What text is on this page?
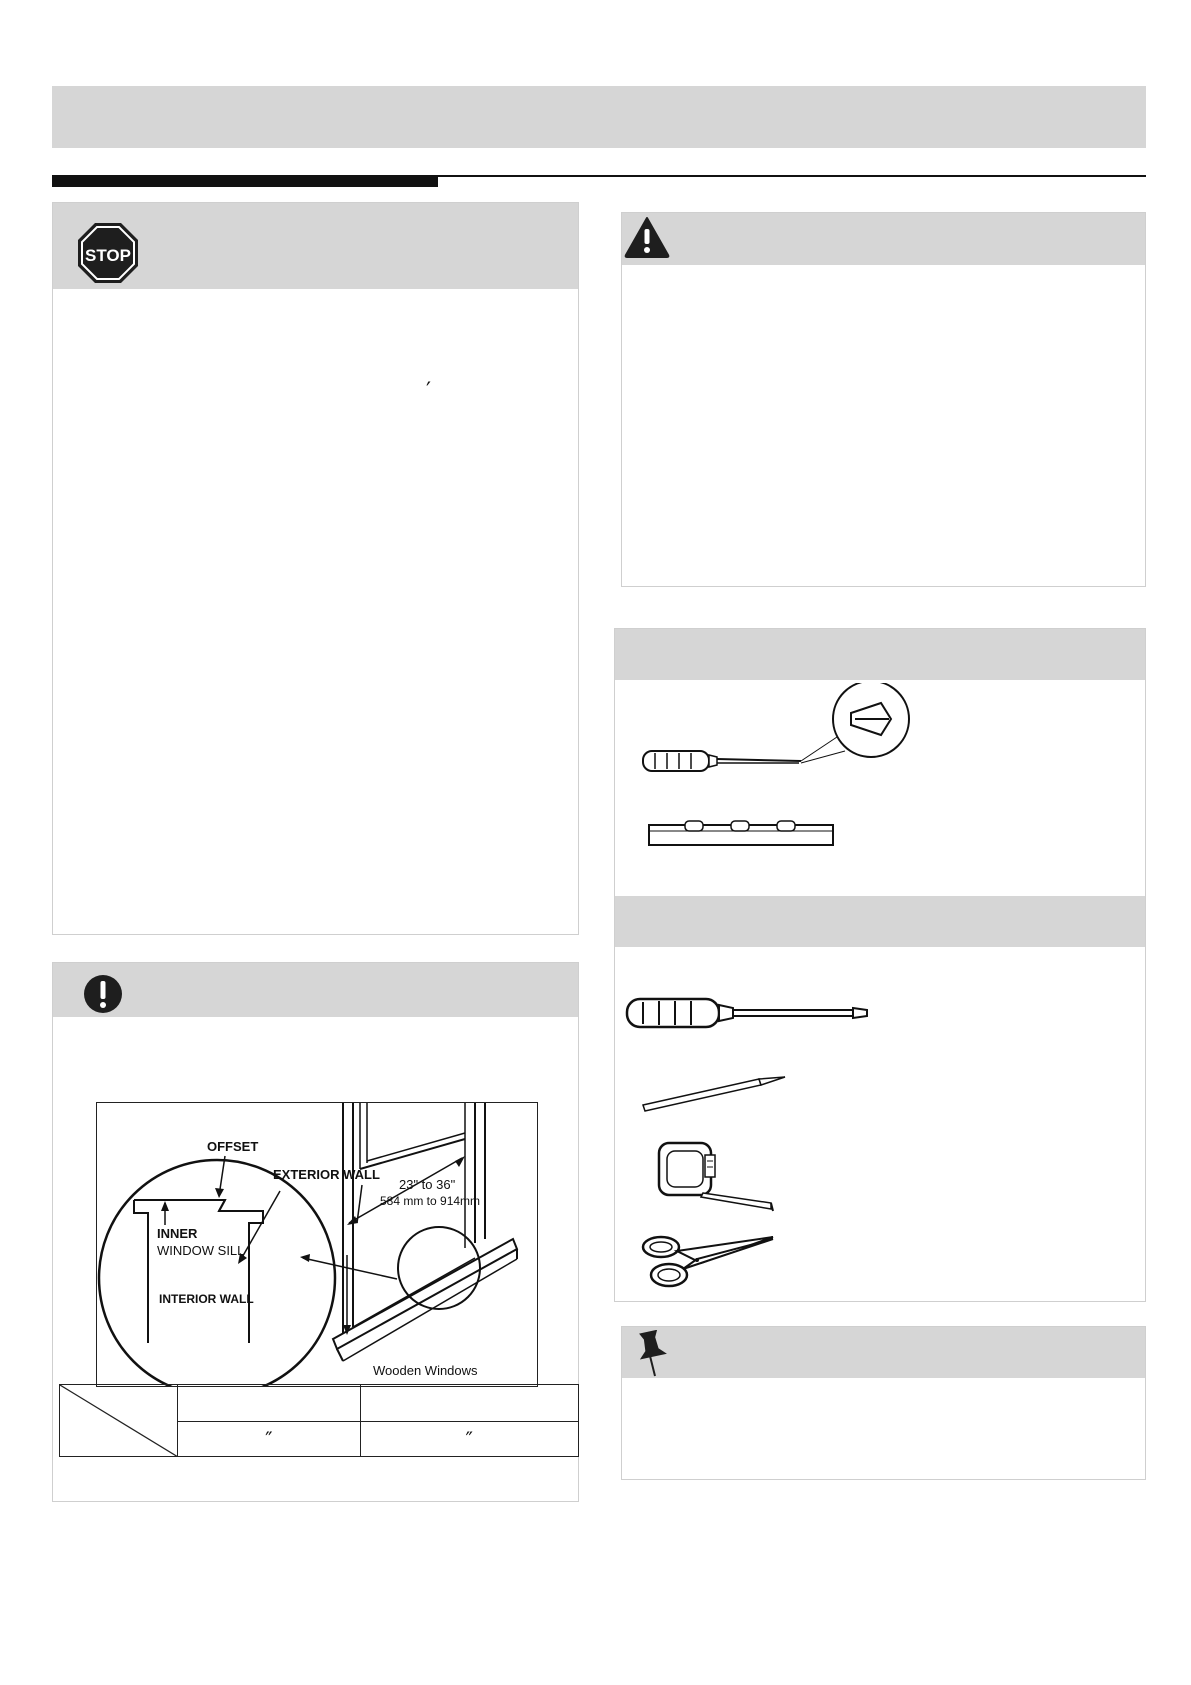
STOP
′
OFFSET
EXTERIOR WALL
INNER
WINDOW SILL
INTERIOR WALL
23" to 36"
584 mm to 914mm
Wooden Windows

	″	″
